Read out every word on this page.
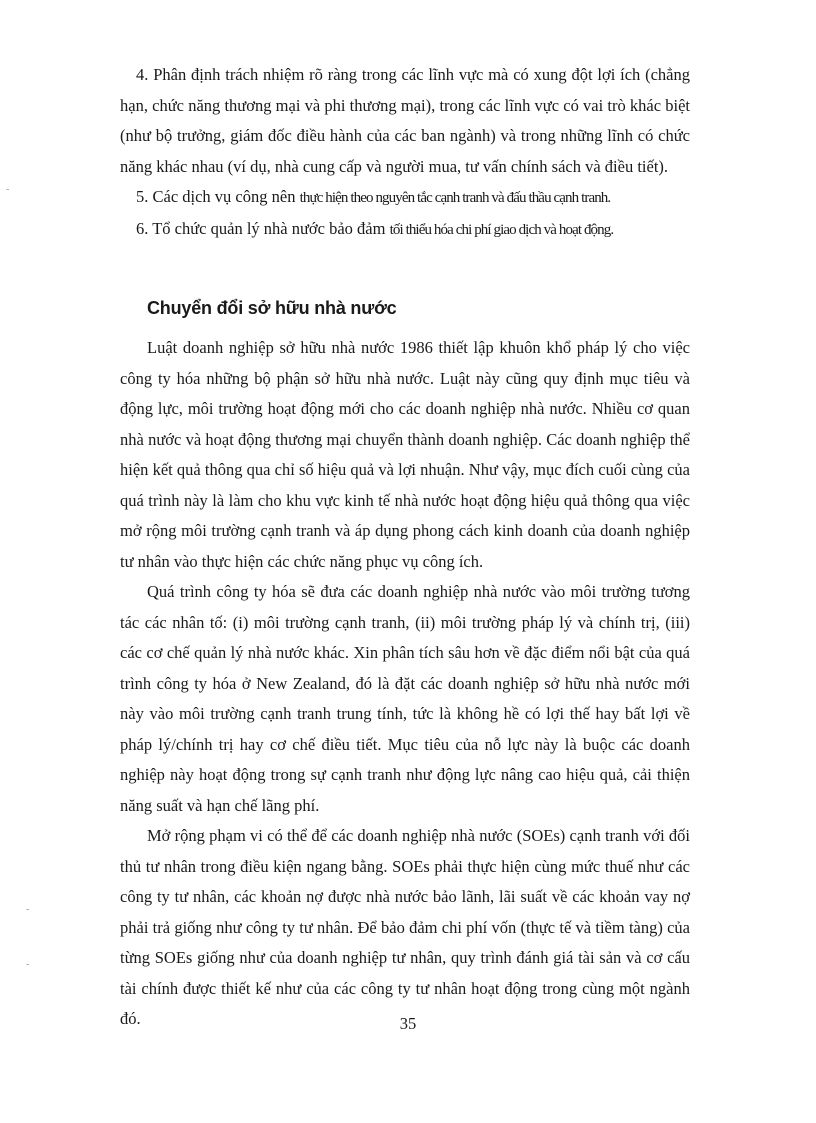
4. Phân định trách nhiệm rõ ràng trong các lĩnh vực mà có xung đột lợi ích (chẳng hạn, chức năng thương mại và phi thương mại), trong các lĩnh vực có vai trò khác biệt (như bộ trưởng, giám đốc điều hành của các ban ngành) và trong những lĩnh có chức năng khác nhau (ví dụ, nhà cung cấp và người mua, tư vấn chính sách và điều tiết).

5. Các dịch vụ công nên thực hiện theo nguyên tắc cạnh tranh và đấu thầu cạnh tranh.

6. Tổ chức quản lý nhà nước bảo đảm tối thiểu hóa chi phí giao dịch và hoạt động.

Chuyển đổi sở hữu nhà nước

Luật doanh nghiệp sở hữu nhà nước 1986 thiết lập khuôn khổ pháp lý cho việc công ty hóa những bộ phận sở hữu nhà nước. Luật này cũng quy định mục tiêu và động lực, môi trường hoạt động mới cho các doanh nghiệp nhà nước. Nhiều cơ quan nhà nước và hoạt động thương mại chuyển thành doanh nghiệp. Các doanh nghiệp thể hiện kết quả thông qua chỉ số hiệu quả và lợi nhuận. Như vậy, mục đích cuối cùng của quá trình này là làm cho khu vực kinh tế nhà nước hoạt động hiệu quả thông qua việc mở rộng môi trường cạnh tranh và áp dụng phong cách kinh doanh của doanh nghiệp tư nhân vào thực hiện các chức năng phục vụ công ích.

Quá trình công ty hóa sẽ đưa các doanh nghiệp nhà nước vào môi trường tương tác các nhân tố: (i) môi trường cạnh tranh, (ii) môi trường pháp lý và chính trị, (iii) các cơ chế quản lý nhà nước khác. Xin phân tích sâu hơn về đặc điểm nổi bật của quá trình công ty hóa ở New Zealand, đó là đặt các doanh nghiệp sở hữu nhà nước mới này vào môi trường cạnh tranh trung tính, tức là không hề có lợi thế hay bất lợi về pháp lý/chính trị hay cơ chế điều tiết. Mục tiêu của nỗ lực này là buộc các doanh nghiệp này hoạt động trong sự cạnh tranh như động lực nâng cao hiệu quả, cải thiện năng suất và hạn chế lãng phí.

Mở rộng phạm vi có thể để các doanh nghiệp nhà nước (SOEs) cạnh tranh với đối thủ tư nhân trong điều kiện ngang bằng. SOEs phải thực hiện cùng mức thuế như các công ty tư nhân, các khoản nợ được nhà nước bảo lãnh, lãi suất về các khoản vay nợ phải trả giống như công ty tư nhân. Để bảo đảm chi phí vốn (thực tế và tiềm tàng) của từng SOEs giống như của doanh nghiệp tư nhân, quy trình đánh giá tài sản và cơ cấu tài chính được thiết kế như của các công ty tư nhân hoạt động trong cùng một ngành đó.	35
-
-
-
